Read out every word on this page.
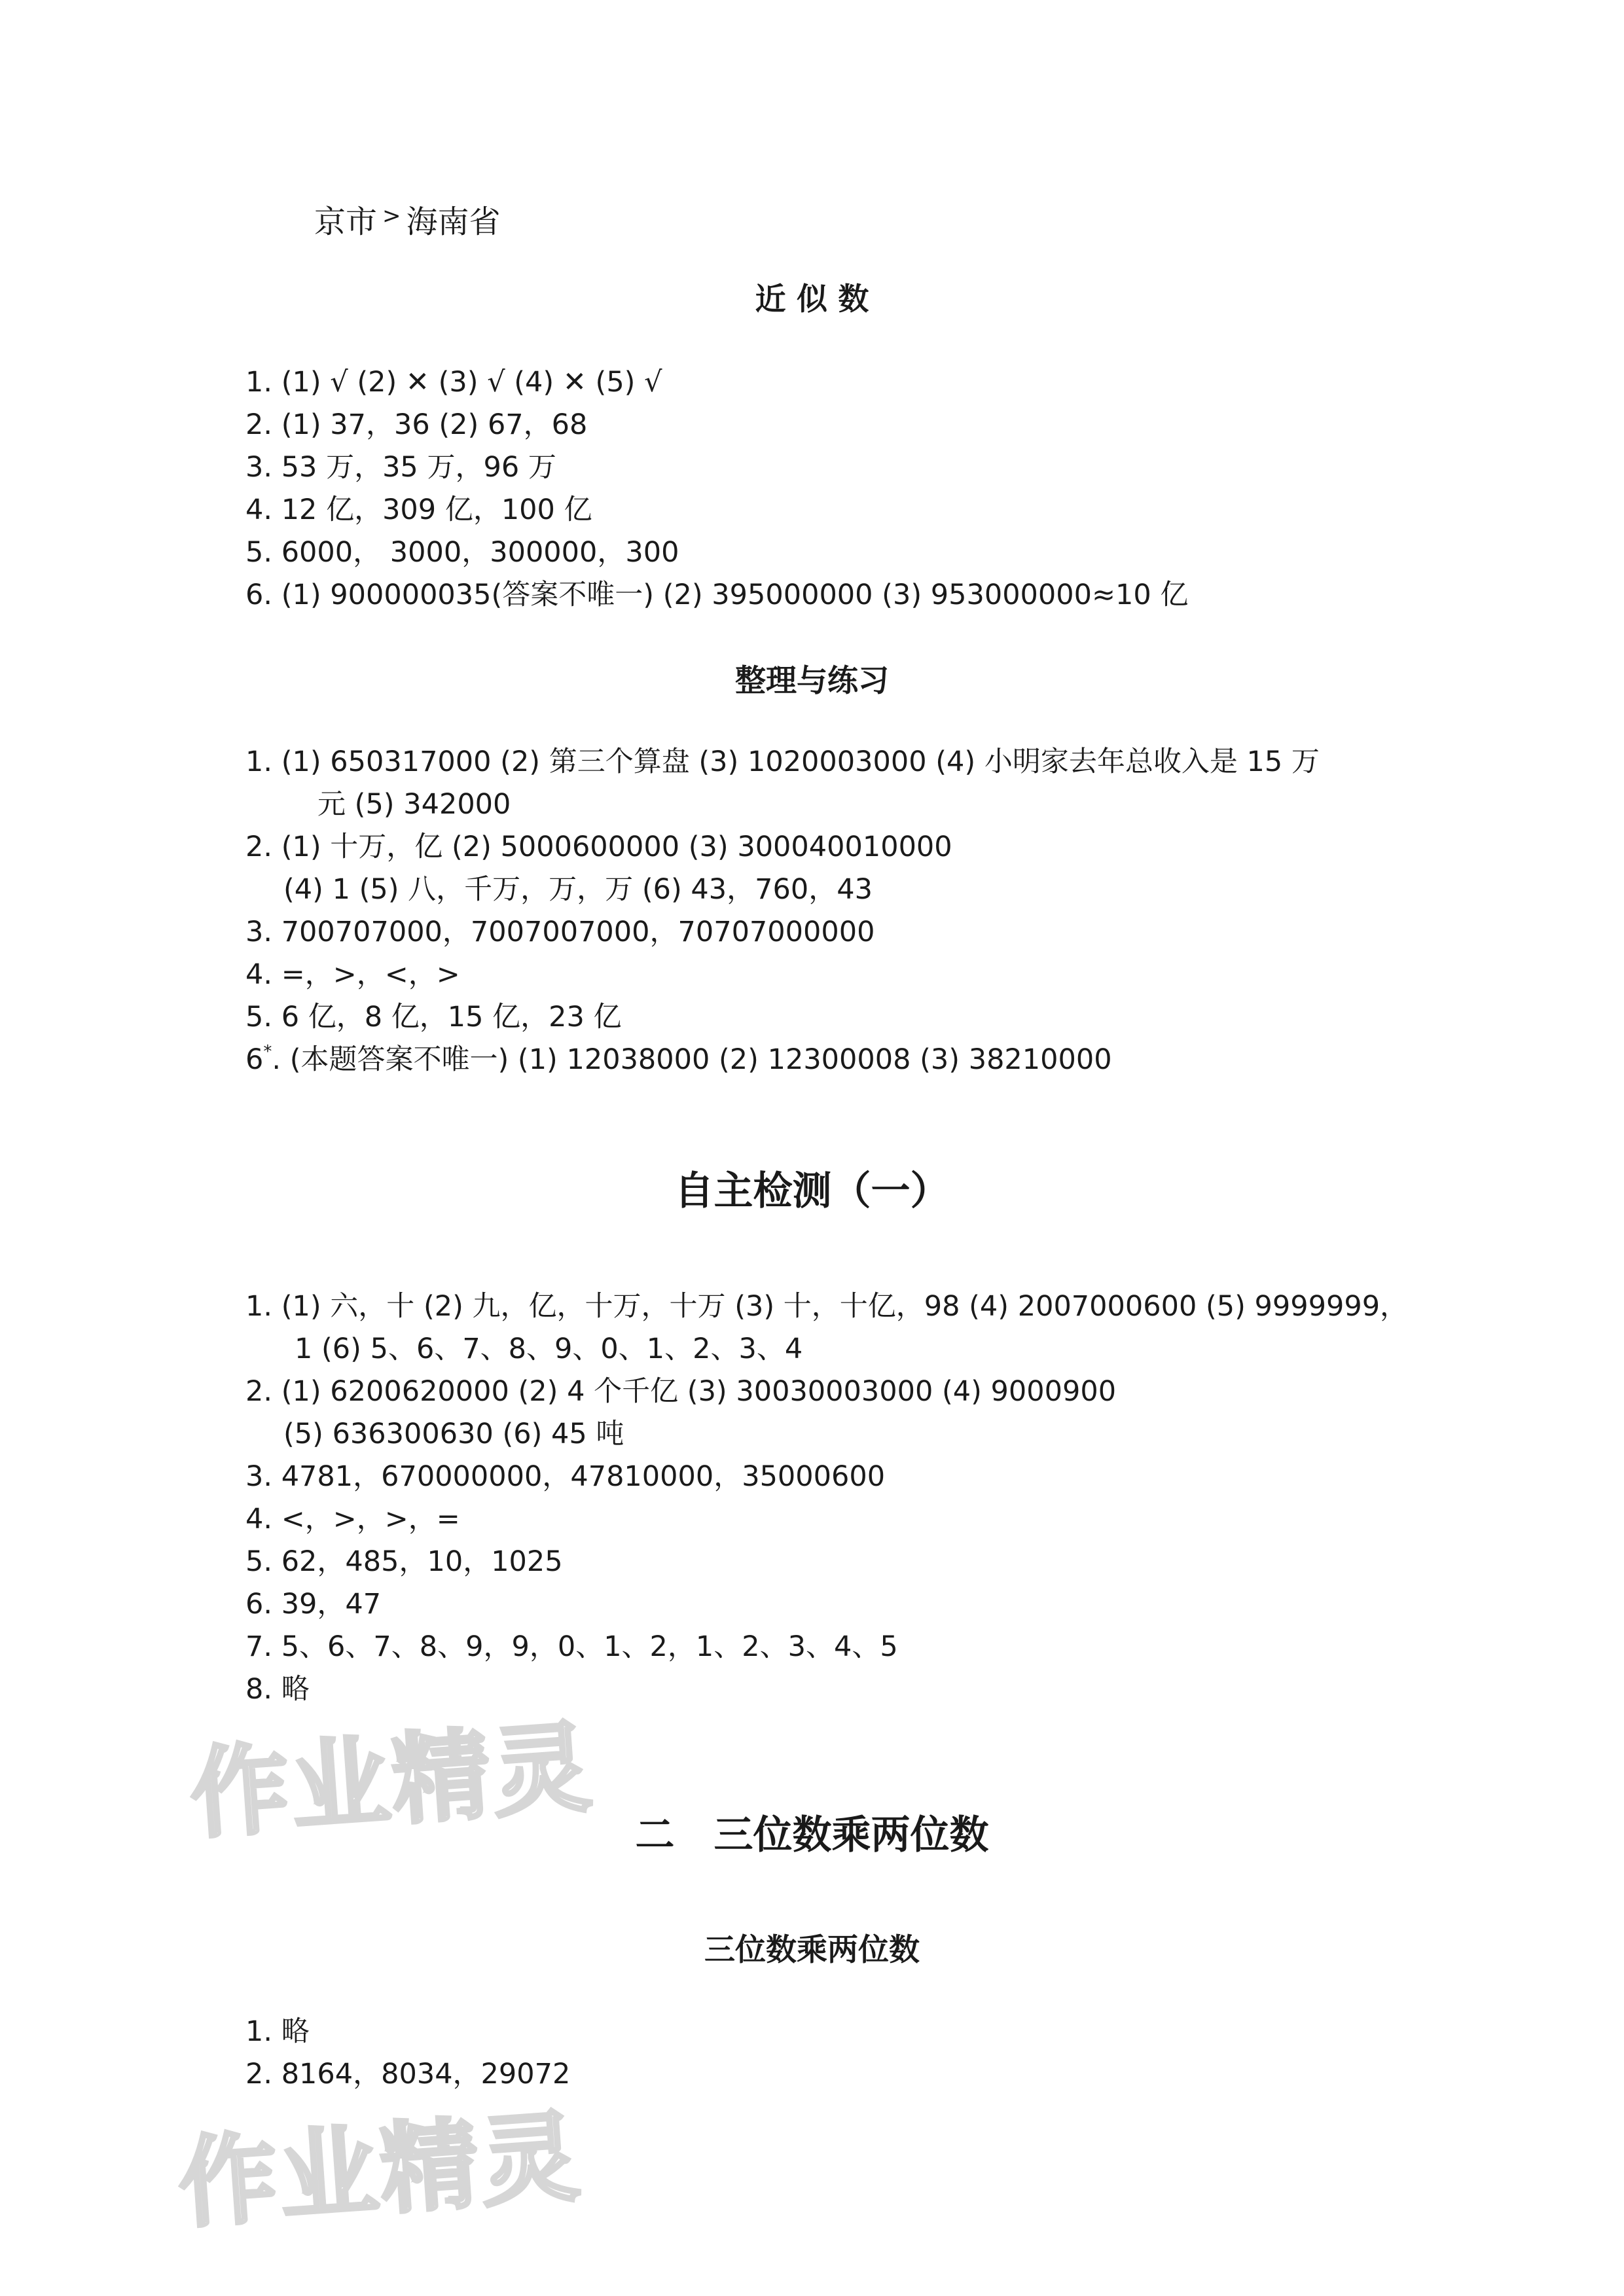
京市 > 海南省
近 似 数
1. (1) √ (2) ✕ (3) √ (4) ✕ (5) √
2. (1) 37，36 (2) 67，68
3. 53 万，35 万，96 万
4. 12 亿，309 亿，100 亿
5. 6000， 3000，300000，300
6. (1) 900000035(答案不唯一) (2) 395000000 (3) 953000000≈10 亿
整理与练习
1. (1) 650317000 (2) 第三个算盘 (3) 1020003000 (4) 小明家去年总收入是 15 万
元 (5) 342000
2. (1) 十万，亿 (2) 5000600000 (3) 300040010000
(4) 1 (5) 八，千万，万，万 (6) 43，760，43
3. 700707000，7007007000，70707000000
4. =，>，<，>
5. 6 亿，8 亿，15 亿，23 亿
6*. (本题答案不唯一) (1) 12038000 (2) 12300008 (3) 38210000
自主检测（一）
1. (1) 六，十 (2) 九，亿，十万，十万 (3) 十，十亿，98 (4) 2007000600 (5) 9999999，
1 (6) 5、6、7、8、9、0、1、2、3、4
2. (1) 6200620000 (2) 4 个千亿 (3) 30030003000 (4) 9000900
(5) 636300630 (6) 45 吨
3. 4781，670000000，47810000，35000600
4. <，>，>，=
5. 62，485，10，1025
6. 39，47
7. 5、6、7、8、9，9，0、1、2，1、2、3、4、5
8. 略
作业精灵 二　三位数乘两位数
三位数乘两位数
1. 略
2. 8164，8034，29072
作业精灵
